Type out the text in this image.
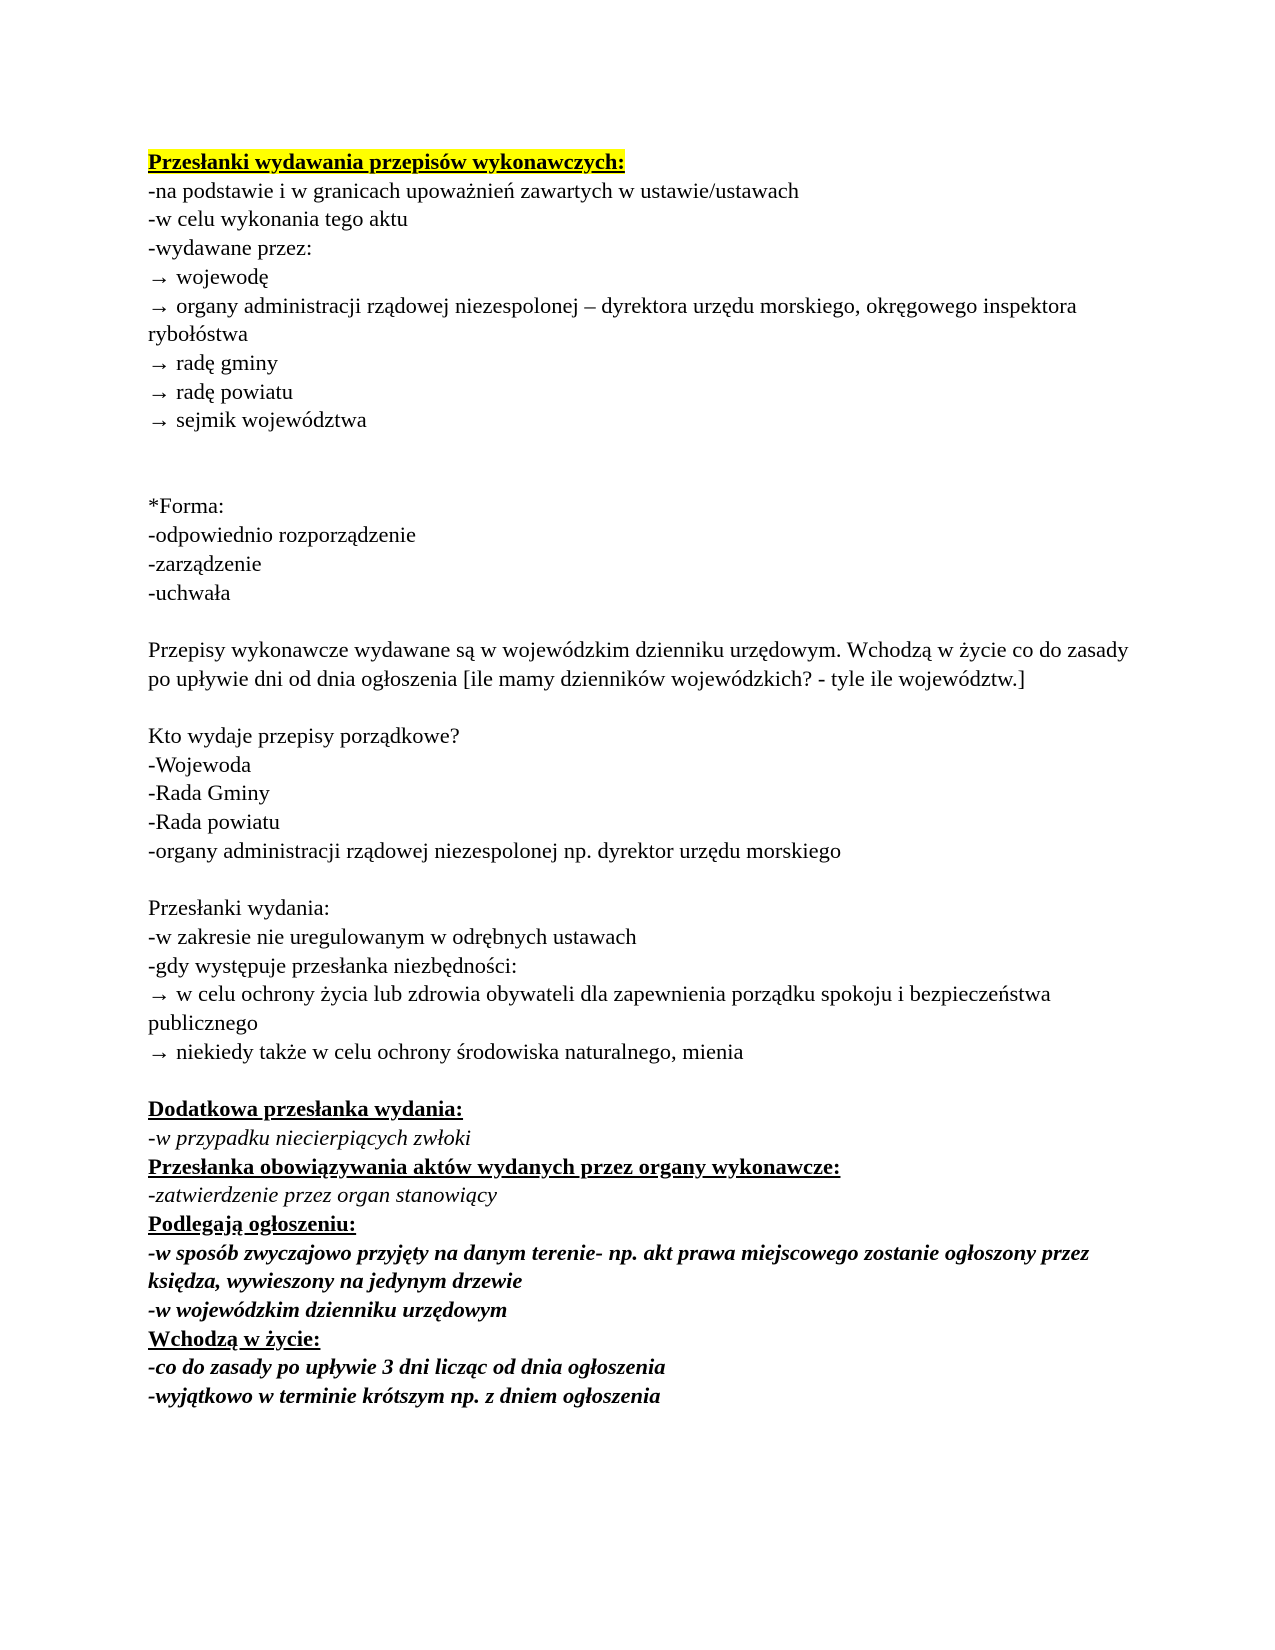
Przesłanki wydawania przepisów wykonawczych:

-na podstawie i w granicach upoważnień zawartych w ustawie/ustawach

-w celu wykonania tego aktu

-wydawane przez:

→ wojewodę

→ organy administracji rządowej niezespolonej – dyrektora urzędu morskiego, okręgowego inspektora rybołóstwa

→ radę gminy

→ radę powiatu

→ sejmik województwa

*Forma:

-odpowiednio rozporządzenie

-zarządzenie

-uchwała

Przepisy wykonawcze wydawane są w wojewódzkim dzienniku urzędowym. Wchodzą w życie co do zasady po upływie dni od dnia ogłoszenia [ile mamy dzienników wojewódzkich? - tyle ile województw.]

Kto wydaje przepisy porządkowe?

-Wojewoda

-Rada Gminy

-Rada powiatu

-organy administracji rządowej niezespolonej np. dyrektor urzędu morskiego

Przesłanki wydania:

-w zakresie nie uregulowanym w odrębnych ustawach

-gdy występuje przesłanka niezbędności:

→ w celu ochrony życia lub zdrowia obywateli dla zapewnienia porządku spokoju i bezpieczeństwa publicznego

→ niekiedy także w celu ochrony środowiska naturalnego, mienia

Dodatkowa przesłanka wydania:

-w przypadku niecierpiących zwłoki

Przesłanka obowiązywania aktów wydanych przez organy wykonawcze:

-zatwierdzenie przez organ stanowiący

Podlegają ogłoszeniu:

-w sposób zwyczajowo przyjęty na danym terenie- np. akt prawa miejscowego zostanie ogłoszony przez księdza, wywieszony na jedynym drzewie

-w wojewódzkim dzienniku urzędowym

Wchodzą w życie:

-co do zasady po upływie 3 dni licząc od dnia ogłoszenia

-wyjątkowo w terminie krótszym np. z dniem ogłoszenia
